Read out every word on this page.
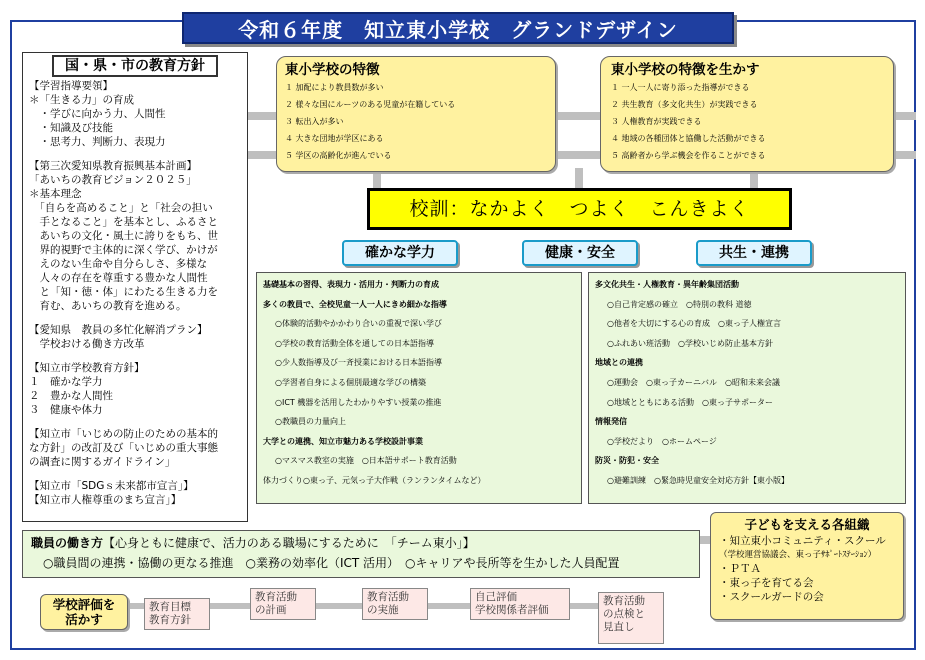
令和６年度　知立東小学校　グランドデザイン
国・県・市の教育方針
【学習指導要領】
＊「生きる力」の育成
　・学びに向かう力、人間性
　・知識及び技能
　・思考力、判断力、表現力
【第三次愛知県教育振興基本計画】
「あいちの教育ビジョン２０２５」
＊基本理念
　「自らを高めること」と「社会の担い
　手となること」を基本とし、ふるさと
　あいちの文化・風土に誇りをもち、世
　界的視野で主体的に深く学び、かけが
　えのない生命や自分らしさ、多様な
　人々の存在を尊重する豊かな人間性
　と「知・徳・体」にわたる生きる力を
　育む、あいちの教育を進める。
【愛知県　教員の多忙化解消プラン】
　学校おける働き方改革
【知立市学校教育方針】
１　確かな学力
２　豊かな人間性
３　健康や体力
【知立市「いじめの防止のための基本的
な方針」の改訂及び「いじめの重大事態
の調査に関するガイドライン」
【知立市「SDGｓ未来都市宣言」】
【知立市人権尊重のまち宣言」】
東小学校の特徴
１ 加配により教員数が多い
２ 様々な国にルーツのある児童が在籍している
３ 転出入が多い
４ 大きな団地が学区にある
５ 学区の高齢化が進んでいる
東小学校の特徴を生かす
１ 一人一人に寄り添った指導ができる
２ 共生教育（多文化共生）が実践できる
３ 人権教育が実践できる
４ 地域の各種団体と協働した活動ができる
５ 高齢者から学ぶ機会を作ることができる
校訓：なかよく　つよく　こんきよく
確かな学力	健康・安全	共生・連携
基礎基本の習得、表現力・活用力・判断力の育成
多くの教員で、全校児童一人一人にきめ細かな指導
○体験的活動やかかわり合いの重視で深い学び
○学校の教育活動全体を通しての日本語指導
○少人数指導及び一斉授業における日本語指導
○学習者自身による個別最適な学びの構築
○ICT 機器を活用したわかりやすい授業の推進
○教職員の力量向上
大学との連携、知立市魅力ある学校設計事業
○マスマス教室の実施　○日本語サポート教育活動
体力づくり○東っ子、元気っ子大作戦（ランランタイムなど）
多文化共生・人権教育・異年齢集団活動
○自己肯定感の確立　○特別の教科 道徳
○他者を大切にする心の育成　○東っ子人権宣言
○ふれあい班活動　○学校いじめ防止基本方針
地域との連携
○運動会　○東っ子カーニバル　○昭和未来会議
○地域とともにある活動　○東っ子サポーター
情報発信
○学校だより　○ホームページ
防災・防犯・安全
○避難訓練　○緊急時児童安全対応方針【東小版】
職員の働き方【心身ともに健康で、活力のある職場にするために　「チーム東小」】
○職員間の連携・協働の更なる推進　○業務の効率化（ICT 活用）　○キャリアや長所等を生かした人員配置
子どもを支える各組織
・知立東小コミュニティ・スクール
（学校運営協議会、東っ子ｻﾎﾟｰﾄｽﾃｰｼｮﾝ）
・ＰＴＡ
・東っ子を育てる会
・スクールガードの会
学校評価を
活かす
教育目標
教育方針
教育活動
の計画
教育活動
の実施
自己評価
学校関係者評価
教育活動
の点検と
見直し
